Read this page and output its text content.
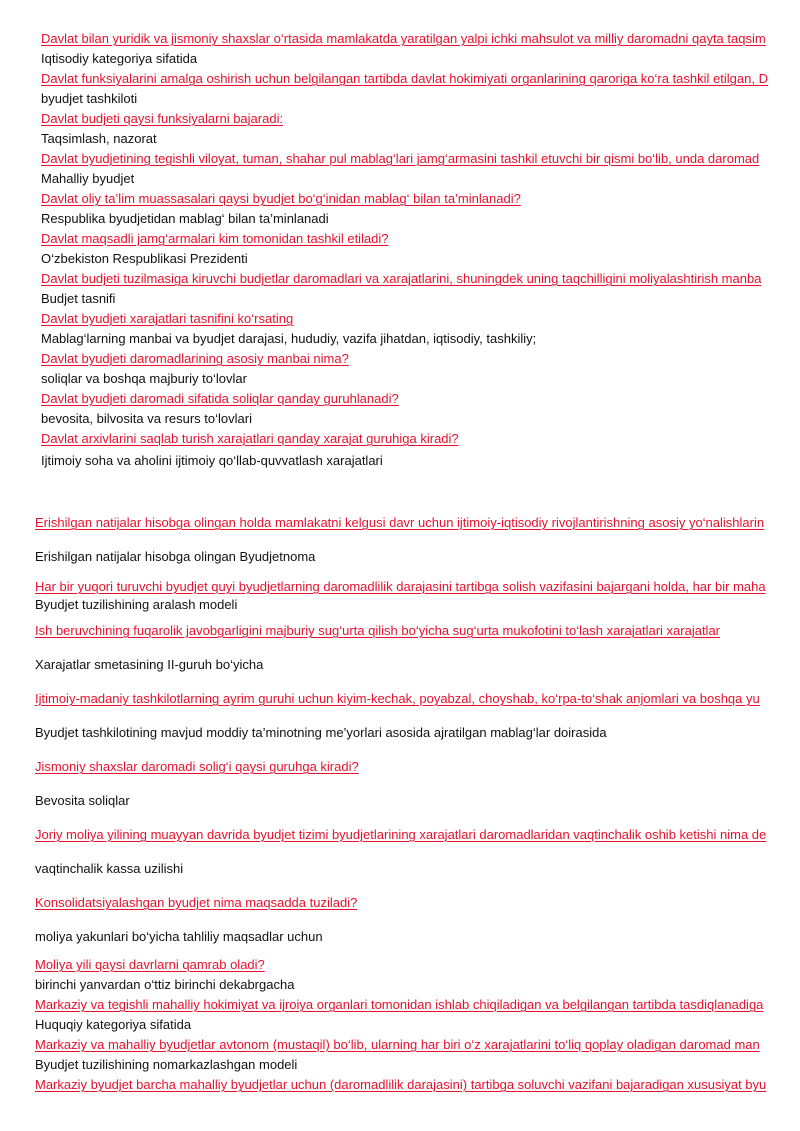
Davlat bilan yuridik va jismoniy shaxslar o‘rtasida mamlakatda yaratilgan yalpi ichki mahsulot va milliy daromadni qayta taqsim
Iqtisodiy kategoriya sifatida
Davlat funksiyalarini amalga oshirish uchun belgilangan tartibda davlat hokimiyati organlarining qaroriga ko‘ra tashkil etilgan, D
byudjet tashkiloti
Davlat budjeti qaysi funksiyalarni bajaradi:
Taqsimlash, nazorat
Davlat byudjetining tegishli viloyat, tuman, shahar pul mablag‘lari jamg‘armasini tashkil etuvchi bir qismi bo‘lib, unda daromad
Mahalliy byudjet
Davlat oliy ta’lim muassasalari qaysi byudjet bo‘g‘inidan mablag‘ bilan ta’minlanadi?
Respublika byudjetidan mablag‘ bilan ta’minlanadi
Davlat maqsadli jamg‘armalari kim tomonidan tashkil etiladi?
O‘zbekiston Respublikasi Prezidenti
Davlat budjeti tuzilmasiga kiruvchi budjetlar daromadlari va xarajatlarini, shuningdek uning taqchilligini moliyalashtirish manba
Budjet tasnifi
Davlat byudjeti xarajatlari tasnifini ko‘rsating
Mablag‘larning manbai va byudjet darajasi, hududiy, vazifa jihatdan, iqtisodiy, tashkiliy;
Davlat byudjeti daromadlarining asosiy manbai nima?
soliqlar va boshqa majburiy to‘lovlar
Davlat byudjeti daromadi sifatida soliqlar qanday guruhlanadi?
bevosita, bilvosita va resurs to‘lovlari
Davlat arxivlarini saqlab turish xarajatlari qanday xarajat guruhiga kiradi?
Ijtimoiy soha va aholini ijtimoiy qo‘llab-quvvatlash xarajatlari
Erishilgan natijalar hisobga olingan holda mamlakatni kelgusi davr uchun ijtimoiy-iqtisodiy rivojlantirishning asosiy yo‘nalishlarin
Erishilgan natijalar hisobga olingan Byudjetnoma
Har bir yuqori turuvchi byudjet quyi byudjetlarning daromadlilik darajasini tartibga solish vazifasini bajargani holda, har bir maha
Byudjet tuzilishining aralash modeli
Ish beruvchining fuqarolik javobgarligini majburiy sug‘urta qilish bo‘yicha sug‘urta mukofotini to‘lash xarajatlari xarajatlar
Xarajatlar smetasining II-guruh bo‘yicha
Ijtimoiy-madaniy tashkilotlarning ayrim guruhi uchun kiyim-kechak, poyabzal, choyshab, ko‘rpa-to‘shak anjomlari va boshqa yu
Byudjet tashkilotining mavjud moddiy ta’minotning me’yorlari asosida ajratilgan mablag‘lar doirasida
Jismoniy shaxslar daromadi solig‘i qaysi guruhga kiradi?
Bevosita soliqlar
Joriy moliya yilining muayyan davrida byudjet tizimi byudjetlarining xarajatlari daromadlaridan vaqtinchalik oshib ketishi nima de
vaqtinchalik kassa uzilishi
Konsolidatsiyalashgan byudjet nima maqsadda tuziladi?
moliya yakunlari bo‘yicha tahliliy maqsadlar uchun
Moliya yili qaysi davrlarni qamrab oladi?
birinchi yanvardan o‘ttiz birinchi dekabrgacha
Markaziy va tegishli mahalliy hokimiyat va ijroiya organlari tomonidan ishlab chiqiladigan va belgilangan tartibda tasdiqlanadiga
Huquqiy kategoriya sifatida
Markaziy va mahalliy byudjetlar avtonom (mustaqil) bo‘lib, ularning har biri o‘z xarajatlarini to‘liq qoplay oladigan daromad man
Byudjet tuzilishining nomarkazlashgan modeli
Markaziy byudjet barcha mahalliy byudjetlar uchun (daromadlilik darajasini) tartibga soluvchi vazifani bajaradigan xususiyat byu
